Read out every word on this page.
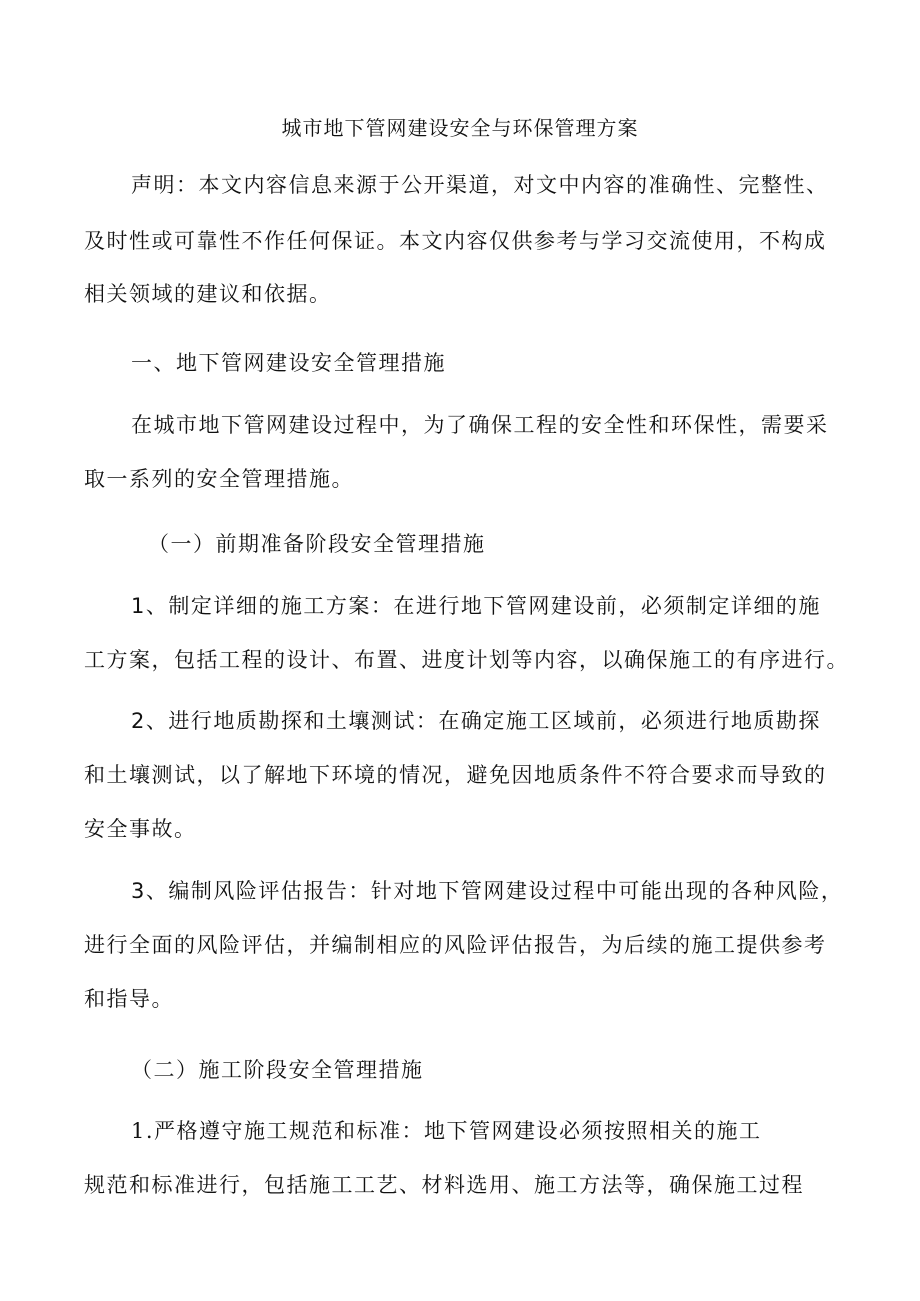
城市地下管网建设安全与环保管理方案
声明：本文内容信息来源于公开渠道，对文中内容的准确性、完整性、
及时性或可靠性不作任何保证。本文内容仅供参考与学习交流使用，不构成
相关领域的建议和依据。
一、地下管网建设安全管理措施
在城市地下管网建设过程中，为了确保工程的安全性和环保性，需要采
取一系列的安全管理措施。
（一）前期准备阶段安全管理措施
1、制定详细的施工方案：在进行地下管网建设前，必须制定详细的施
工方案，包括工程的设计、布置、进度计划等内容，以确保施工的有序进行。
2、进行地质勘探和土壤测试：在确定施工区域前，必须进行地质勘探
和土壤测试，以了解地下环境的情况，避免因地质条件不符合要求而导致的
安全事故。
3、编制风险评估报告：针对地下管网建设过程中可能出现的各种风险，
进行全面的风险评估，并编制相应的风险评估报告，为后续的施工提供参考
和指导。
（二）施工阶段安全管理措施
1.严格遵守施工规范和标准：地下管网建设必须按照相关的施工
规范和标准进行，包括施工工艺、材料选用、施工方法等，确保施工过程
